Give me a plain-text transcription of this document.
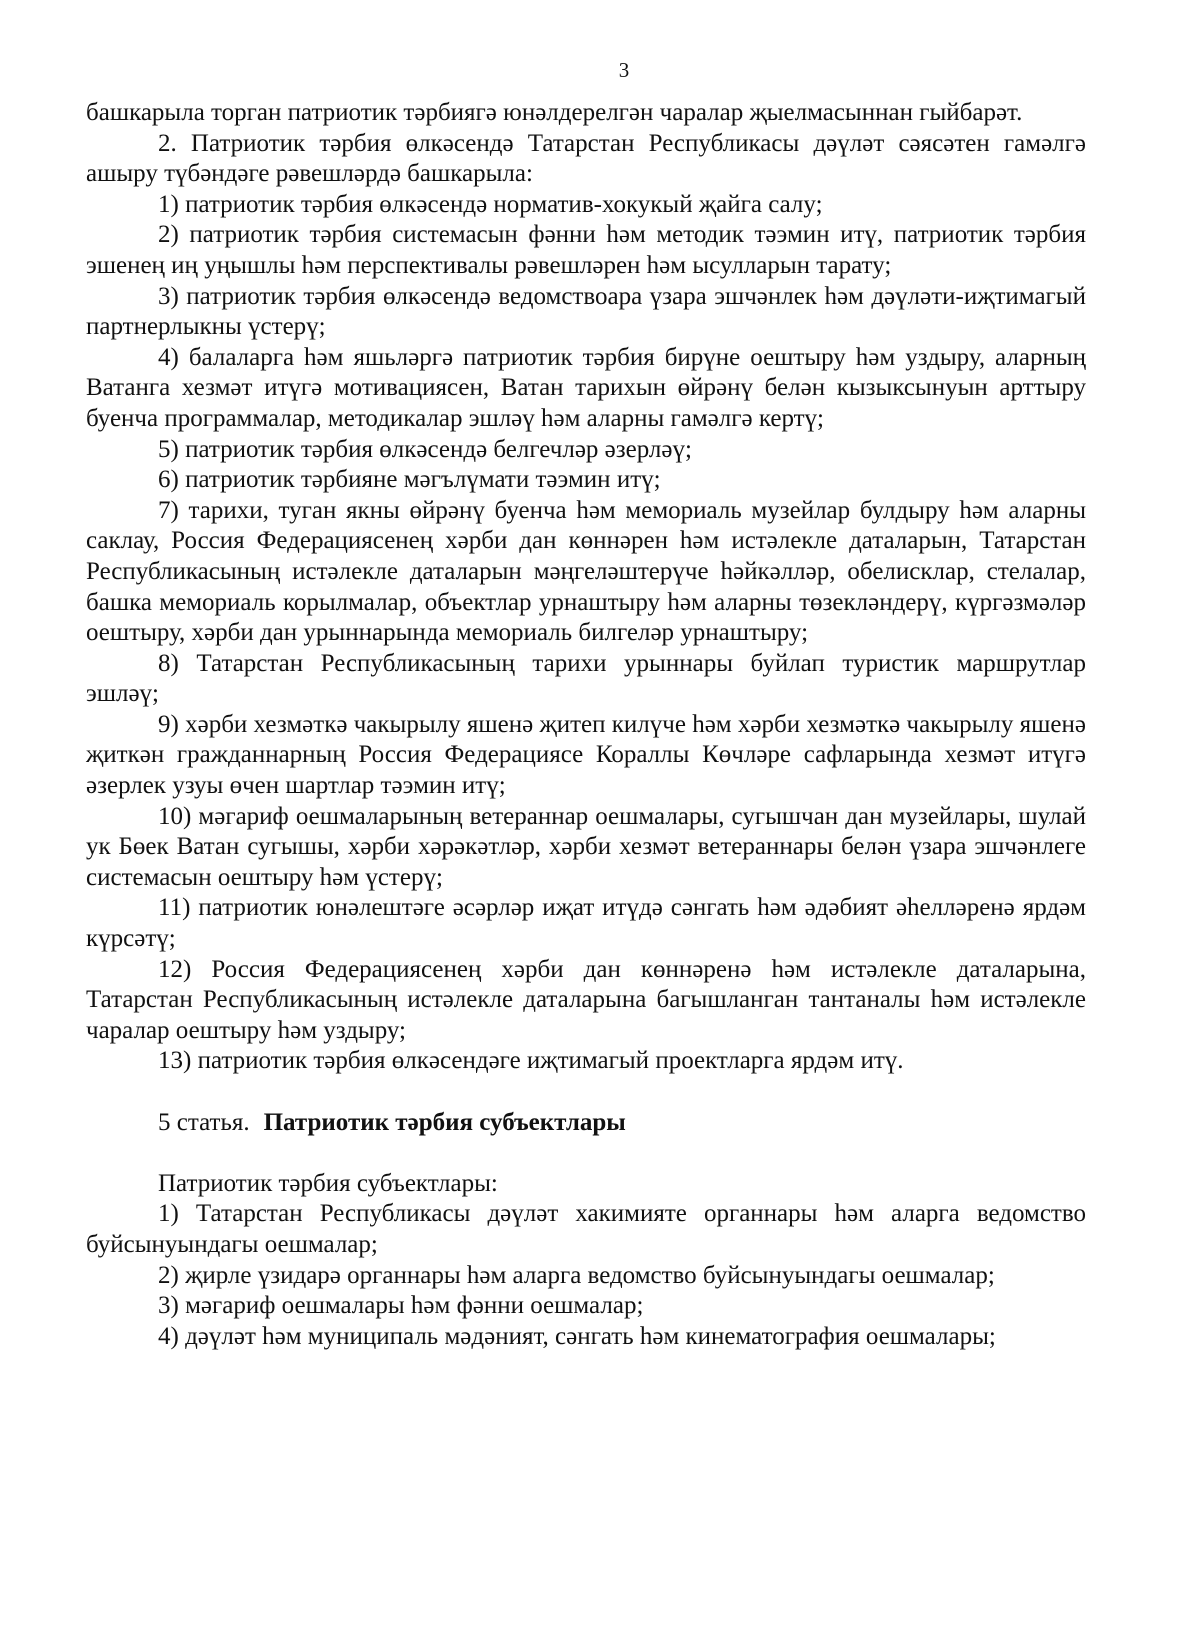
3

башкарыла торган патриотик тәрбиягә юнәлдерелгән чаралар җыелмасыннан гыйбарәт.

2. Патриотик тәрбия өлкәсендә Татарстан Республикасы дәүләт сәясәтен гамәлгә ашыру түбәндәге рәвешләрдә башкарыла:

1) патриотик тәрбия өлкәсендә норматив-хокукый җайга салу;

2) патриотик тәрбия системасын фәнни һәм методик тәэмин итү, патриотик тәрбия эшенең иң уңышлы һәм перспективалы рәвешләрен һәм ысулларын тарату;

3) патриотик тәрбия өлкәсендә ведомствоара үзара эшчәнлек һәм дәүләти-иҗтимагый партнерлыкны үстерү;

4) балаларга һәм яшьләргә патриотик тәрбия бирүне оештыру һәм уздыру, аларның Ватанга хезмәт итүгә мотивациясен, Ватан тарихын өйрәнү белән кызыксынуын арттыру буенча программалар, методикалар эшләү һәм аларны гамәлгә кертү;

5) патриотик тәрбия өлкәсендә белгечләр әзерләү;

6) патриотик тәрбияне мәгълүмати тәэмин итү;

7) тарихи, туган якны өйрәнү буенча һәм мемориаль музейлар булдыру һәм аларны саклау, Россия Федерациясенең хәрби дан көннәрен һәм истәлекле даталарын, Татарстан Республикасының истәлекле даталарын мәңгеләштерүче һәйкәлләр, обелисклар, стелалар, башка мемориаль корылмалар, объектлар урнаштыру һәм аларны төзекләндерү, күргәзмәләр оештыру, хәрби дан урыннарында мемориаль билгеләр урнаштыру;

8) Татарстан Республикасының тарихи урыннары буйлап туристик маршрутлар эшләү;

9) хәрби хезмәткә чакырылу яшенә җитеп килүче һәм хәрби хезмәткә чакырылу яшенә җиткән гражданнарның Россия Федерациясе Кораллы Көчләре сафларында хезмәт итүгә әзерлек узуы өчен шартлар тәэмин итү;

10) мәгариф оешмаларының ветераннар оешмалары, сугышчан дан музейлары, шулай ук Бөек Ватан сугышы, хәрби хәрәкәтләр, хәрби хезмәт ветераннары белән үзара эшчәнлеге системасын оештыру һәм үстерү;

11) патриотик юнәлештәге әсәрләр иҗат итүдә сәнгать һәм әдәбият әһелләренә ярдәм күрсәтү;

12) Россия Федерациясенең хәрби дан көннәренә һәм истәлекле даталарына, Татарстан Республикасының истәлекле даталарына багышланган тантаналы һәм истәлекле чаралар оештыру һәм уздыру;

13) патриотик тәрбия өлкәсендәге иҗтимагый проектларга ярдәм итү.

5 статья. Патриотик тәрбия субъектлары

Патриотик тәрбия субъектлары:

1) Татарстан Республикасы дәүләт хакимияте органнары һәм аларга ведомство буйсынуындагы оешмалар;

2) җирле үзидарә органнары һәм аларга ведомство буйсынуындагы оешмалар;

3) мәгариф оешмалары һәм фәнни оешмалар;

4) дәүләт һәм муниципаль мәдәният, сәнгать һәм кинематография оешмалары;
